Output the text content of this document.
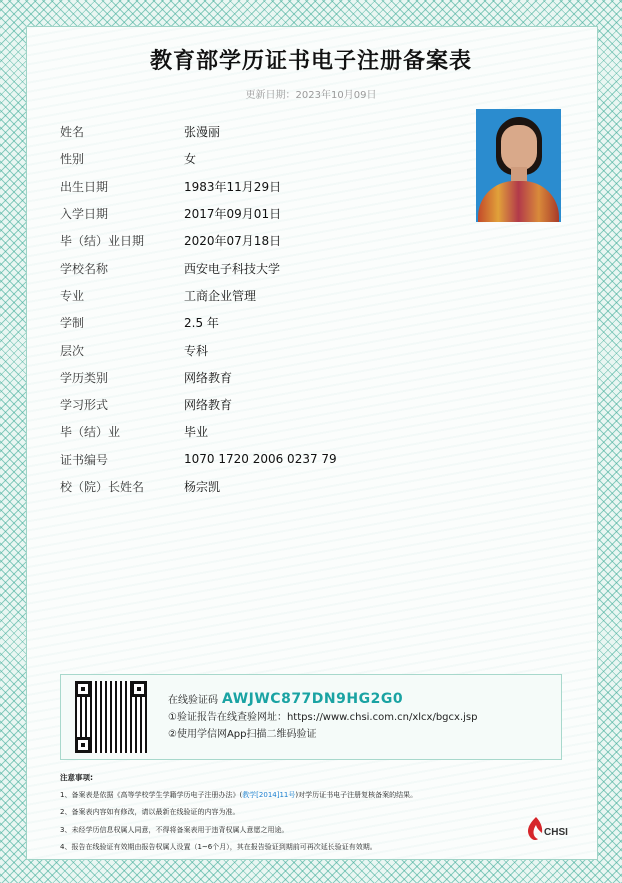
教育部学历证书电子注册备案表
更新日期：2023年10月09日
姓名	张漫丽
性别	女
出生日期	1983年11月29日
入学日期	2017年09月01日
毕（结）业日期	2020年07月18日
学校名称	西安电子科技大学
专业	工商企业管理
学制	2.5 年
层次	专科
学历类别	网络教育
学习形式	网络教育
毕（结）业	毕业
证书编号	1070 1720 2006 0237 79
校（院）长姓名	杨宗凯
在线验证码 AWJWC877DN9HG2G0
①验证报告在线查验网址：https://www.chsi.com.cn/xlcx/bgcx.jsp
②使用学信网App扫描二维码验证
注意事项:
1、备案表是依据《高等学校学生学籍学历电子注册办法》(教学[2014]11号)对学历证书电子注册复核备案的结果。
2、备案表内容如有修改，请以最新在线验证的内容为准。
3、未经学历信息权属人同意，不得将备案表用于违背权属人意愿之用途。
4、报告在线验证有效期由报告权属人设置（1~6个月），其在报告验证到期前可再次延长验证有效期。
CHSI
